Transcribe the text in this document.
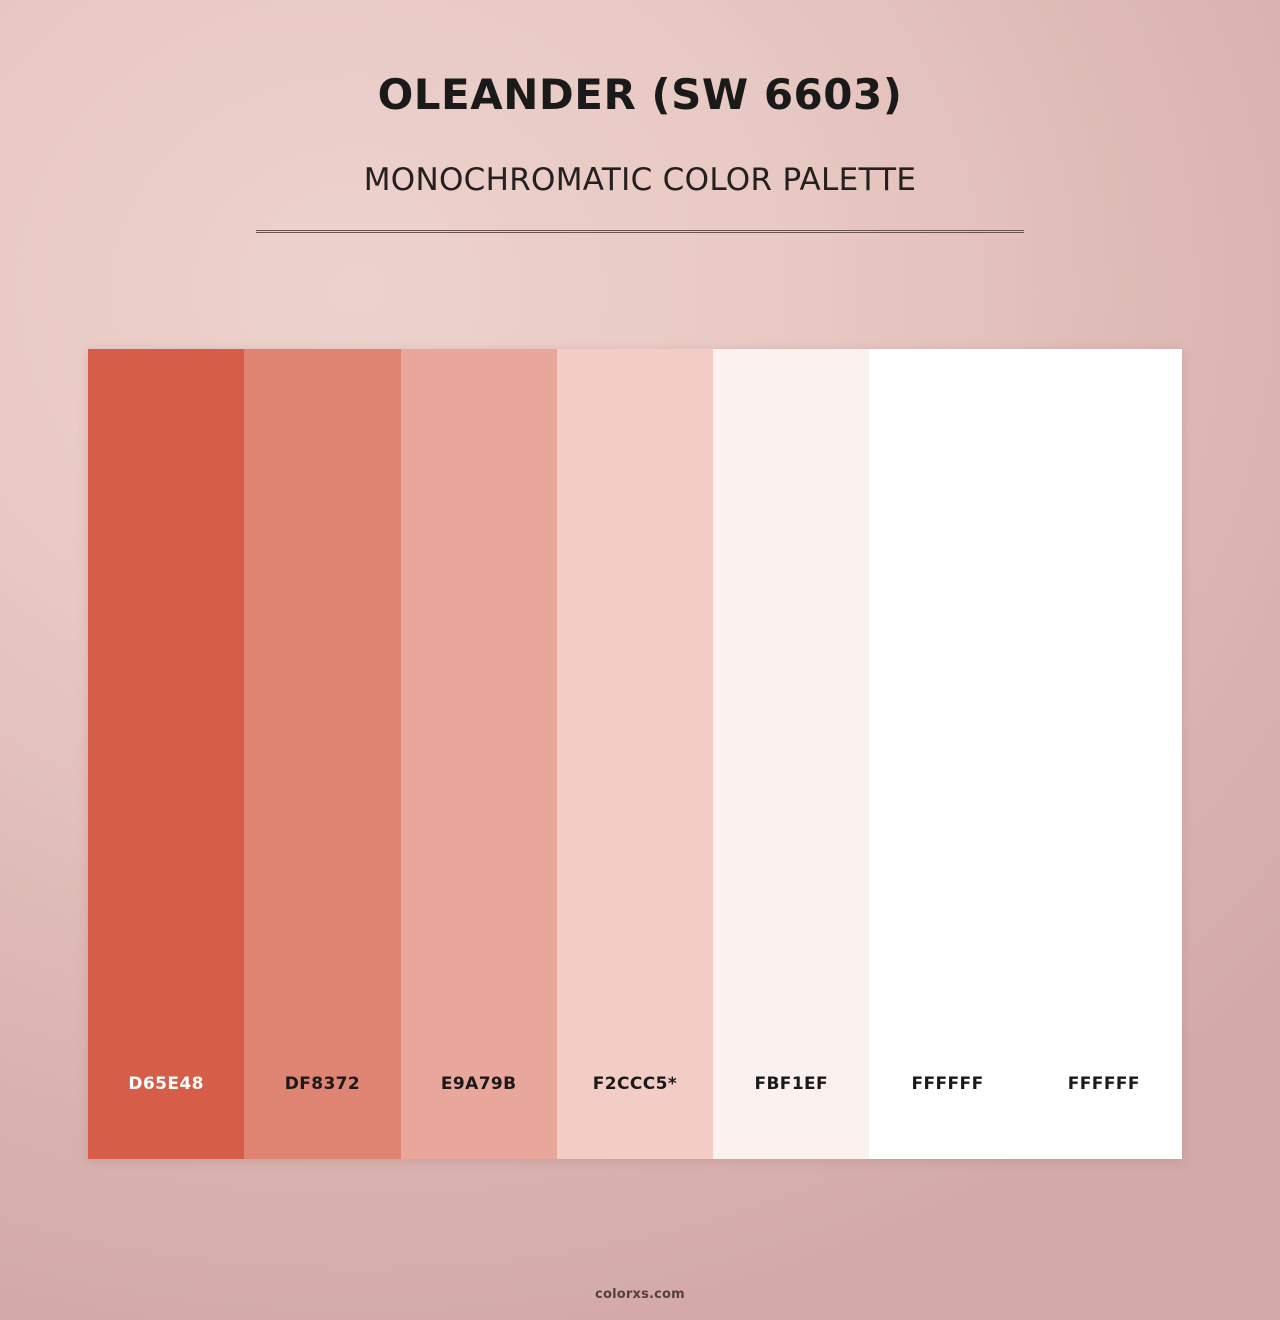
OLEANDER (SW 6603)
MONOCHROMATIC COLOR PALETTE
D65E48	DF8372	E9A79B	F2CCC5*	FBF1EF	FFFFFF	FFFFFF
colorxs.com
